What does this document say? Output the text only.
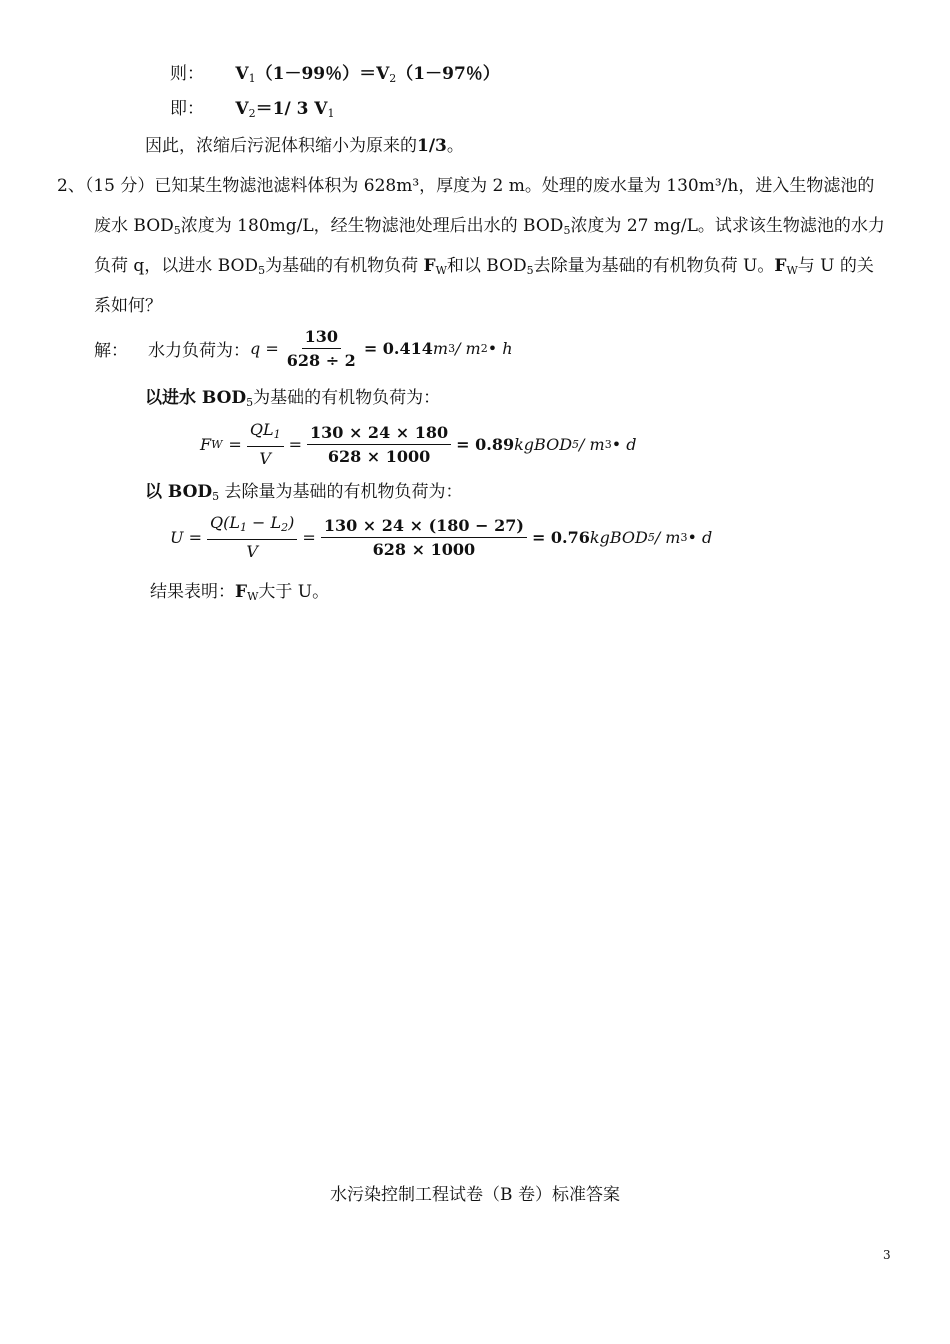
则： $V_1(1-99$％）$=V_2(1-97$％）
即： $V_2=1/$ 3 $V_1$
因此，浓缩后污泥体积缩小为原来的1/3。
2、（15 分）已知某生物滤池滤料体积为 628m³，厚度为 2 m。处理的废水量为 130m³/h，进入生物滤池的
废水 $BOD_5$浓度为 180mg/L，经生物滤池处理后出水的 $BOD_5$浓度为 27 mg/L。试求该生物滤池的水力
负荷 q，以进水 $BOD_5$为基础的有机物负荷 $F_W$和以 $BOD_5$去除量为基础的有机物负荷 U。$F_W$与 U 的关
系如何？
解： 水力负荷为： $q = \frac{130}{628 \div 2} = 0.414$ m 3 / m 2 • h
以进水 $BOD_5$为基础的有机物负荷为：
F $W = \frac{QL_1}{V} = \frac{130 \times 24 \times 180}{628 \times 1000} = 0.89$ kgBOD 5 / m 3 • d
以 $BOD_5$ 去除量为基础的有机物负荷为：
$U = \frac{Q(L_1 - L_2)}{V} = \frac{130 \times 24 \times (180 - 27)}{628 \times 1000} = 0.76$ kgBOD 5 / m 3 • d
结果表明：$F_W$大于 U。
水污染控制工程试卷（B 卷）标准答案
3
